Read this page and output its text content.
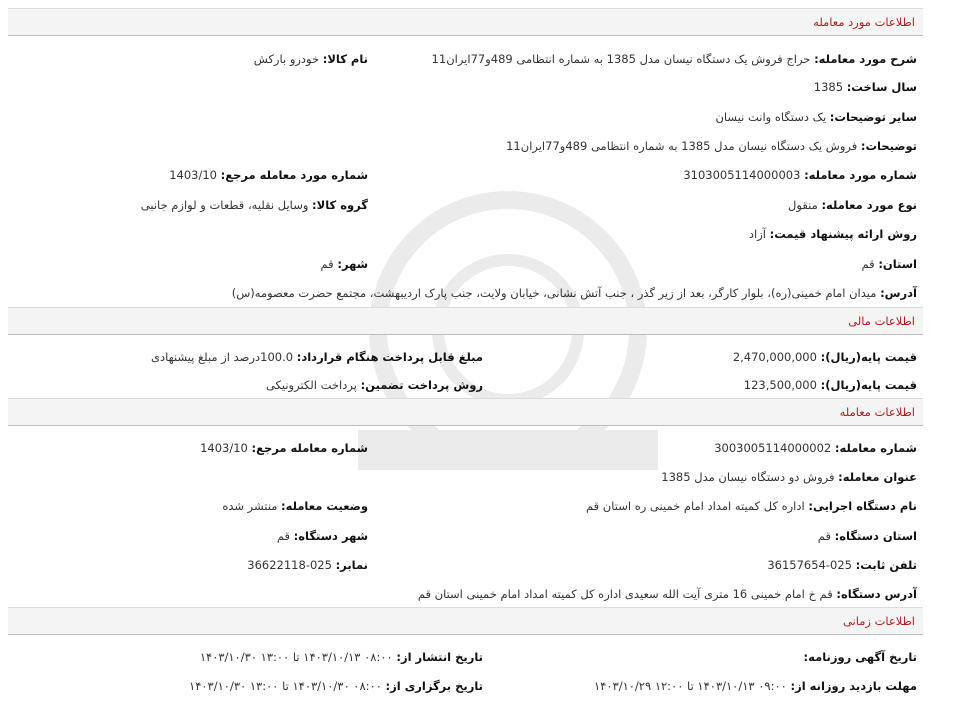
اطلاعات مورد معامله
شرح مورد معامله: حراج فروش یک دستگاه نیسان مدل 1385 به شماره انتظامی 489و77ایران11
نام کالا: خودرو بارکش
سال ساخت: 1385
سایر توضیحات: یک دستگاه وانت نیسان
توضیحات: فروش یک دستگاه نیسان مدل 1385 به شماره انتظامی 489و77ایران11
شماره مورد معامله: 3103005114000003
شماره مورد معامله مرجع: 1403/10
نوع مورد معامله: منقول
گروه کالا: وسایل نقلیه، قطعات و لوازم جانبی
روش ارائه پیشنهاد قیمت: آزاد
استان: قم
شهر: قم
آدرس: میدان امام خمینی(ره)، بلوار کارگر، بعد از زیر گذر ، جنب آتش نشانی، خیابان ولایت، جنب پارک اردیبهشت، مجتمع حضرت معصومه(س)
اطلاعات مالی
قیمت پایه(ریال): 2,470,000,000
مبلغ قابل پرداخت هنگام قرارداد: 100.0درصد از مبلغ پیشنهادی
قیمت پایه(ریال): 123,500,000
روش پرداخت تضمین: پرداخت الکترونیکی
اطلاعات معامله
شماره معامله: 3003005114000002
شماره معامله مرجع: 1403/10
عنوان معامله: فروش دو دستگاه نیسان مدل 1385
نام دستگاه اجرایی: اداره کل کمیته امداد امام خمینی ره استان قم
وضعیت معامله: منتشر شده
استان دستگاه: قم
شهر دستگاه: قم
تلفن ثابت: 025-36157654
نمابر: 025-36622118
آدرس دستگاه: قم خ امام خمینی 16 متری آیت الله سعیدی اداره کل کمیته امداد امام خمینی استان قم
اطلاعات زمانی
تاریخ آگهی روزنامه:
تاریخ انتشار از: ۰۸:۰۰ ۱۴۰۳/۱۰/۱۳ تا ۱۳:۰۰ ۱۴۰۳/۱۰/۳۰
مهلت بازدید روزانه از: ۰۹:۰۰ ۱۴۰۳/۱۰/۱۳ تا ۱۲:۰۰ ۱۴۰۳/۱۰/۲۹
تاریخ برگزاری از: ۰۸:۰۰ ۱۴۰۳/۱۰/۳۰ تا ۱۳:۰۰ ۱۴۰۳/۱۰/۳۰
